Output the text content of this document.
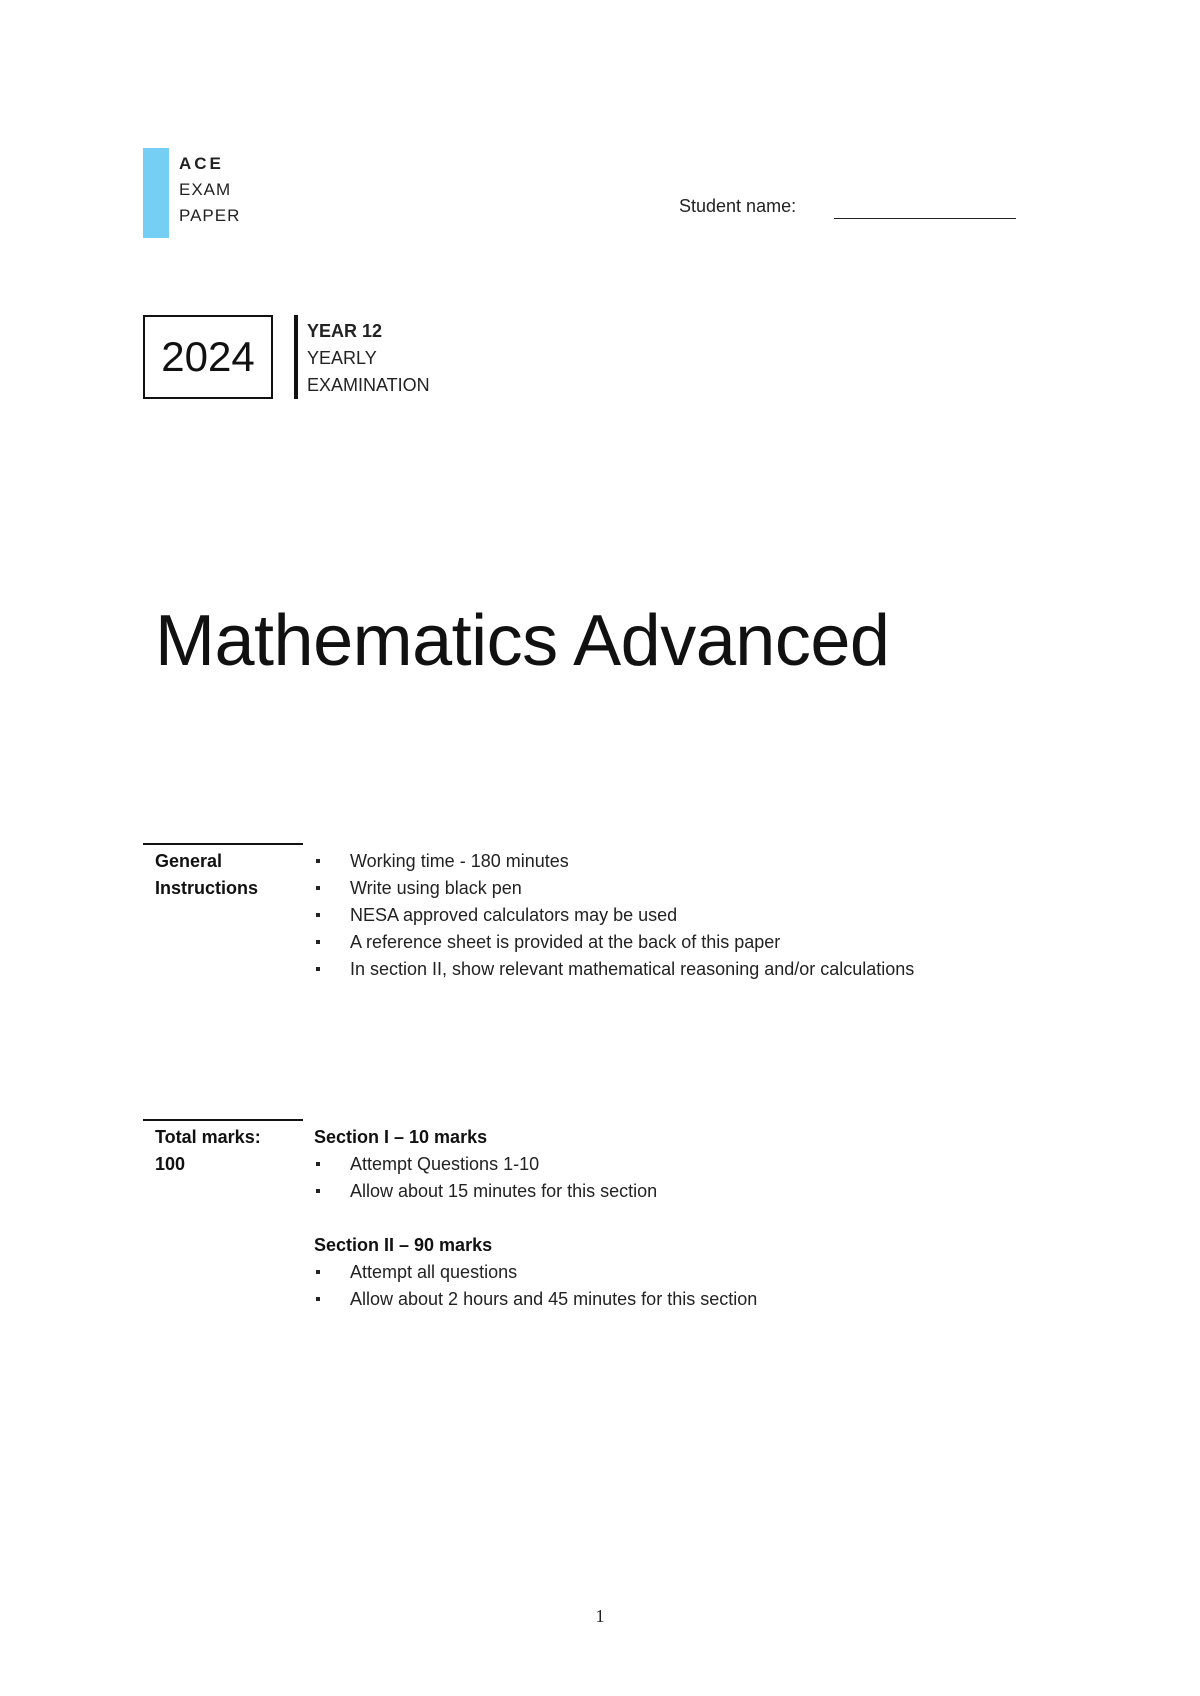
ACE
EXAM
PAPER	Student name:
2024
YEAR 12
YEARLY
EXAMINATION
Mathematics Advanced
General
Instructions
Working time - 180 minutes
Write using black pen
NESA approved calculators may be used
A reference sheet is provided at the back of this paper
In section II, show relevant mathematical reasoning and/or calculations
Total marks:
100
Section I – 10 marks
Attempt Questions 1-10
Allow about 15 minutes for this section
Section II – 90 marks
Attempt all questions
Allow about 2 hours and 45 minutes for this section
1
